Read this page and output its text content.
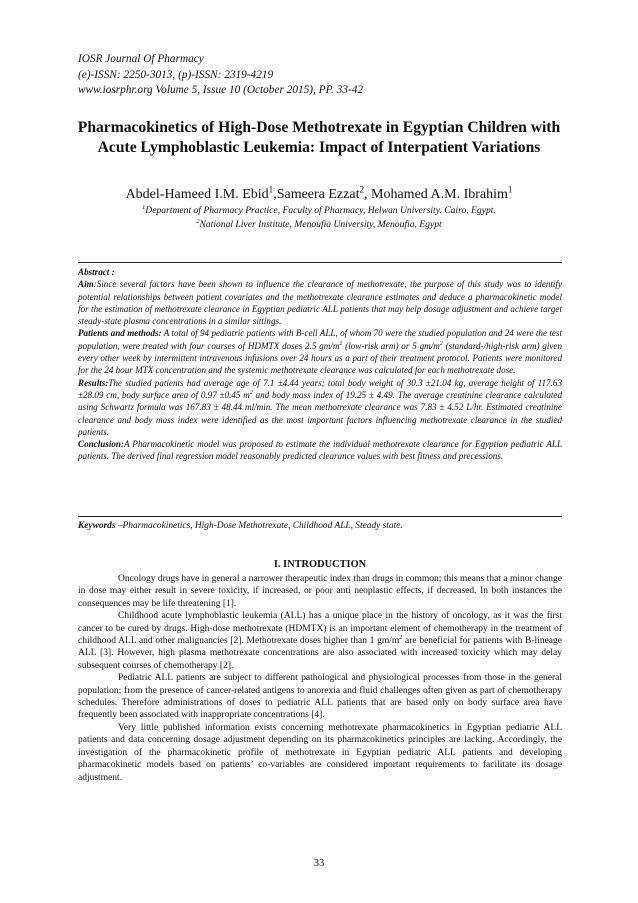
IOSR Journal Of Pharmacy
(e)-ISSN: 2250-3013, (p)-ISSN: 2319-4219
www.iosrphr.org Volume 5, Issue 10 (October 2015), PP. 33-42
Pharmacokinetics of High-Dose Methotrexate in Egyptian Children with Acute Lymphoblastic Leukemia: Impact of Interpatient Variations
Abdel-Hameed I.M. Ebid$^1$,Sameera Ezzat$^2$, Mohamed A.M. Ibrahim$^1$
$^1$Department of Pharmacy Practice, Faculty of Pharmacy, Helwan University. Cairo, Egypt.
$^2$National Liver Institute, Menoufia University, Menoufia, Egypt

Abstract :

Aim:Since several factors have been shown to influence the clearance of methotrexate, the purpose of this study was to identify potential relationships between patient covariates and the methotrexate clearance estimates and deduce a pharmacokinetic model for the estimation of methotrexate clearance in Egyptian pediatric ALL patients that may help dosage adjustment and achieve target steady-state plasma concentrations in a similar sittings.

Patients and methods: A total of 94 pediatric patients with B-cell ALL, of whom 70 were the studied population and 24 were the test population, were treated with four courses of HDMTX doses 2.5 $gm/m^2$ (low-risk arm) or 5 $gm/m^2$ (standard-/high-risk arm) given every other week by intermittent intravenous infusions over 24 hours as a part of their treatment protocol. Patients were monitored for the 24 hour MTX concentration and the systemic methotrexate clearance was calculated for each methotrexate dose.

Results:The studied patients had average age of 7.1 ±4.44 years; total body weight of 30.3 ±21.04 kg, average height of 117.63 ±28.09 cm, body surface area of 0.97 ±0.45 $m^2$ and body mass index of 19.25 ± 4.49. The average creatinine clearance calculated using Schwartz formula was 167.83 ± 48.44 ml/min. The mean methotrexate clearance was 7.83 ± 4.52 L/hr. Estimated creatinine clearance and body mass index were identified as the most important factors influencing methotrexate clearance in the studied patients.

Conclusion:A Pharmacokinetic model was proposed to estimate the individual methotrexate clearance for Egyptian pediatric ALL patients. The derived final regression model reasonably predicted clearance values with best fitness and precessions.

Keywords –Pharmacokinetics, High-Dose Methotrexate, Childhood ALL, Steady state.
I. INTRODUCTION

Oncology drugs have in general a narrower therapeutic index than drugs in common; this means that a minor change in dose may either result in severe toxicity, if increased, or poor anti neoplastic effects, if decreased. In both instances the consequences may be life threatening [1].

Childhood acute lymphoblastic leukemia (ALL) has a unique place in the history of oncology, as it was the first cancer to be cured by drugs. High-dose methotrexate (HDMTX) is an important element of chemotherapy in the treatment of childhood ALL and other malignancies [2]. Methotrexate doses higher than 1 $gm/m^2$ are beneficial for patients with B-lineage ALL [3]. However, high plasma methotrexate concentrations are also associated with increased toxicity which may delay subsequent courses of chemotherapy [2].

Pediatric ALL patients are subject to different pathological and physiological processes from those in the general population; from the presence of cancer-related antigens to anorexia and fluid challenges often given as part of chemotherapy schedules. Therefore administrations of doses to pediatric ALL patients that are based only on body surface area have frequently been associated with inappropriate concentrations [4].

Very little published information exists concerning methotrexate pharmacokinetics in Egyptian pediatric ALL patients and data concerning dosage adjustment depending on its pharmacokinetics principles are lacking. Accordingly, the investigation of the pharmacokinetic profile of methotrexate in Egyptian pediatric ALL patients and developing pharmacokinetic models based on patients’ co-variables are considered important requirements to facilitate its dosage adjustment.

33
